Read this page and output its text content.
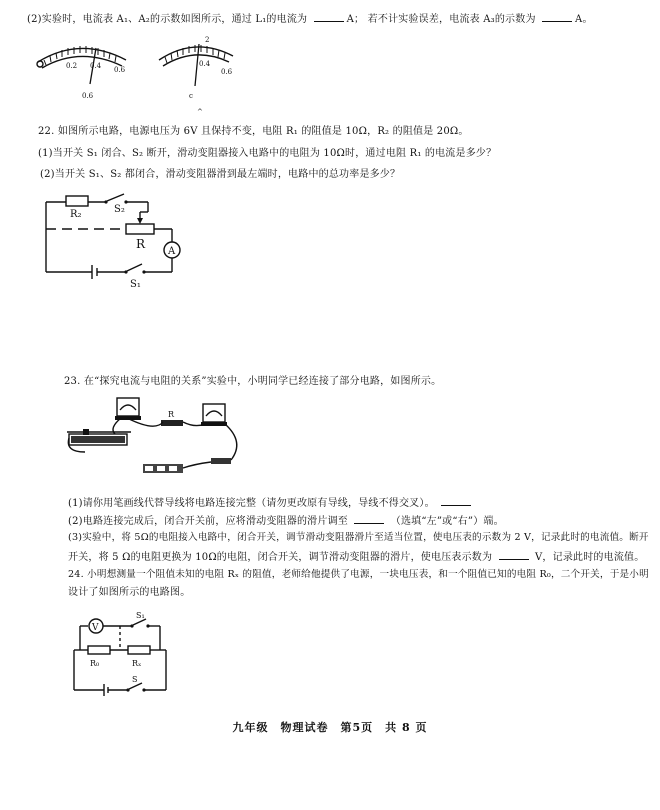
(2)实验时，电流表 A₁、A₂的示数如图所示，通过 L₁的电流为	A； 若不计实验误差，电流表 A₃的示数为	A。
0.2 0.4 0.6
0.6
2
0.4
0.6
c
^
22. 如图所示电路，电源电压为 6V 且保持不变，电阻 R₁ 的阻值是 10Ω，R₂ 的阻值是 20Ω。
(1)当开关 S₁ 闭合、S₂ 断开，滑动变阻器接入电路中的电阻为 10Ω时，通过电阻 R₁ 的电流是多少？
(2)当开关 S₁、S₂ 都闭合，滑动变阻器滑到最左端时，电路中的总功率是多少？
A
R₂	S₂
R
S₁
23. 在“探究电流与电阻的关系”实验中，小明同学已经连接了部分电路，如图所示。
R
(1)请你用笔画线代替导线将电路连接完整（请勿更改原有导线，导线不得交叉）。
(2)电路连接完成后，闭合开关前，应将滑动变阻器的滑片调至	（选填“左”或“右”）端。
(3)实验中，将 5Ω的电阻接入电路中，闭合开关，调节滑动变阻器滑片至适当位置，使电压表的示数为 2 V，记录此时的电流值。断开
开关，将 5 Ω的电阻更换为 10Ω的电阻，闭合开关，调节滑动变阻器的滑片，使电压表示数为	V，记录此时的电流值。
24. 小明想测量一个阻值未知的电阻 Rₓ 的阻值，老师给他提供了电源，一块电压表，和一个阻值已知的电阻 R₀，二个开关，于是小明
设计了如图所示的电路图。
V
S₁
R₀	Rₓ
S
九年级　物理试卷　第5页　共 8 页
